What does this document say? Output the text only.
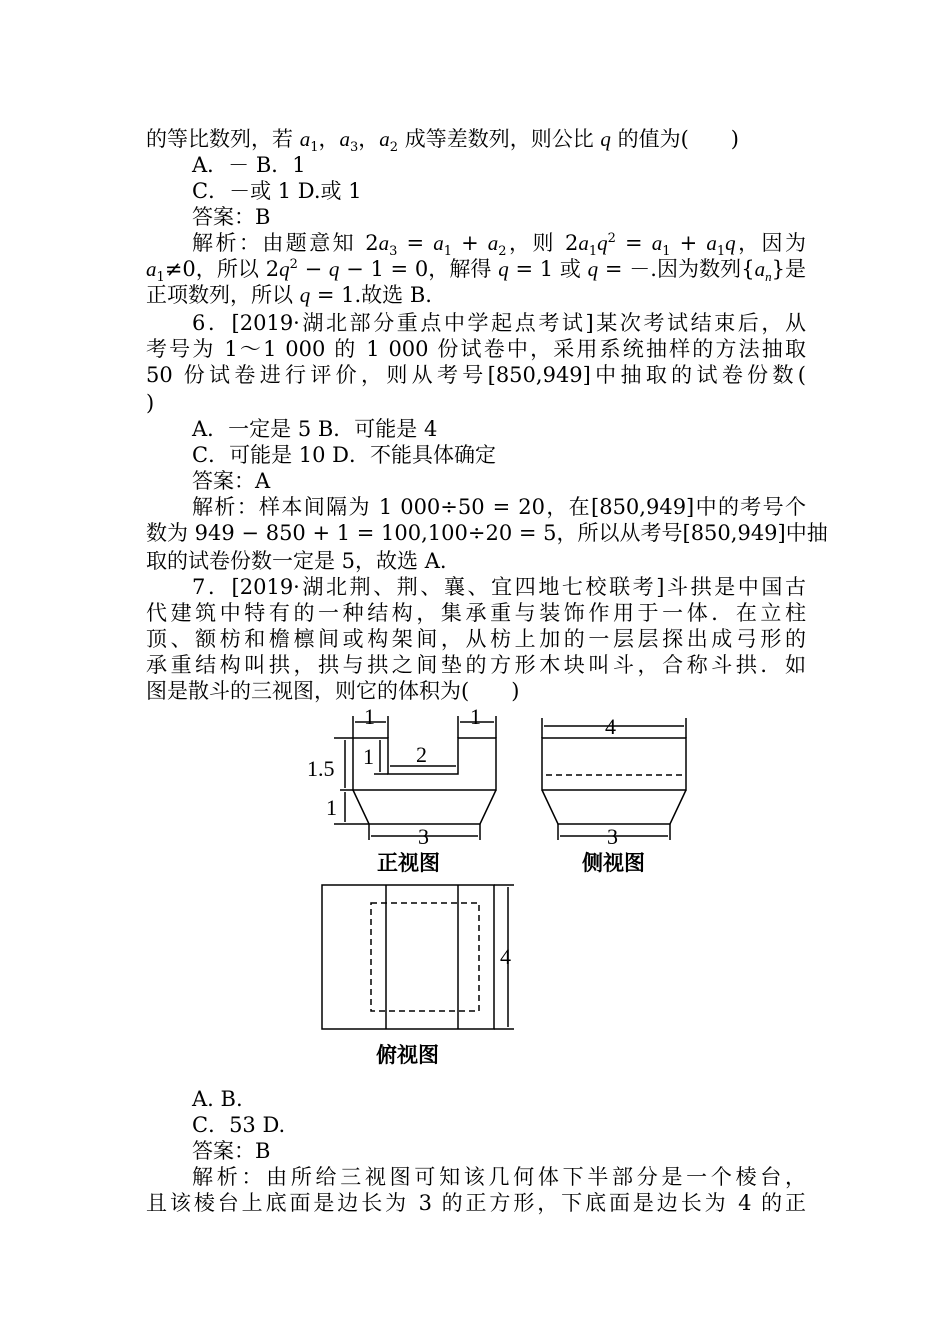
的等比数列，若 $a_1$，$a_3$，$a_2$ 成等差数列，则公比 q 的值为(　　)
A．－ B．1
C．－或 1 D.或 1
答案：B
解析：由题意知 $2a_3 = a_1 + a_2$，则 $2a_1q^2 = a_1 + a_1q$，因为
$a_1\ne 0$，所以 $2q^2 - q - 1 = 0$，解得 q = 1 或 q = －.因为数列$\{a_n\}$是
正项数列，所以 q = 1.故选 B.
6．[2019·湖北部分重点中学起点考试]某次考试结束后，从
考号为 1～1 000 的 1 000 份试卷中，采用系统抽样的方法抽取
50 份试卷进行评价，则从考号[850,949]中抽取的试卷份数(
)
A．一定是 5 B．可能是 4
C．可能是 10 D．不能具体确定
答案：A
解析：样本间隔为 1 000÷50 = 20，在[850,949]中的考号个
数为 949 − 850 + 1 = 100,100÷20 = 5，所以从考号[850,949]中抽
取的试卷份数一定是 5，故选 A.
7．[2019·湖北荆、荆、襄、宜四地七校联考]斗拱是中国古
代建筑中特有的一种结构，集承重与装饰作用于一体．在立柱
顶、额枋和檐檩间或构架间，从枋上加的一层层探出成弓形的
承重结构叫拱，拱与拱之间垫的方形木块叫斗，合称斗拱．如
图是散斗的三视图，则它的体积为(　　)
1	1
2
1.5 1
1
3
4
3
4
正视图	侧视图
俯视图
A. B.
C．53 D.
答案：B
解析：由所给三视图可知该几何体下半部分是一个棱台，
且该棱台上底面是边长为 3 的正方形，下底面是边长为 4 的正
